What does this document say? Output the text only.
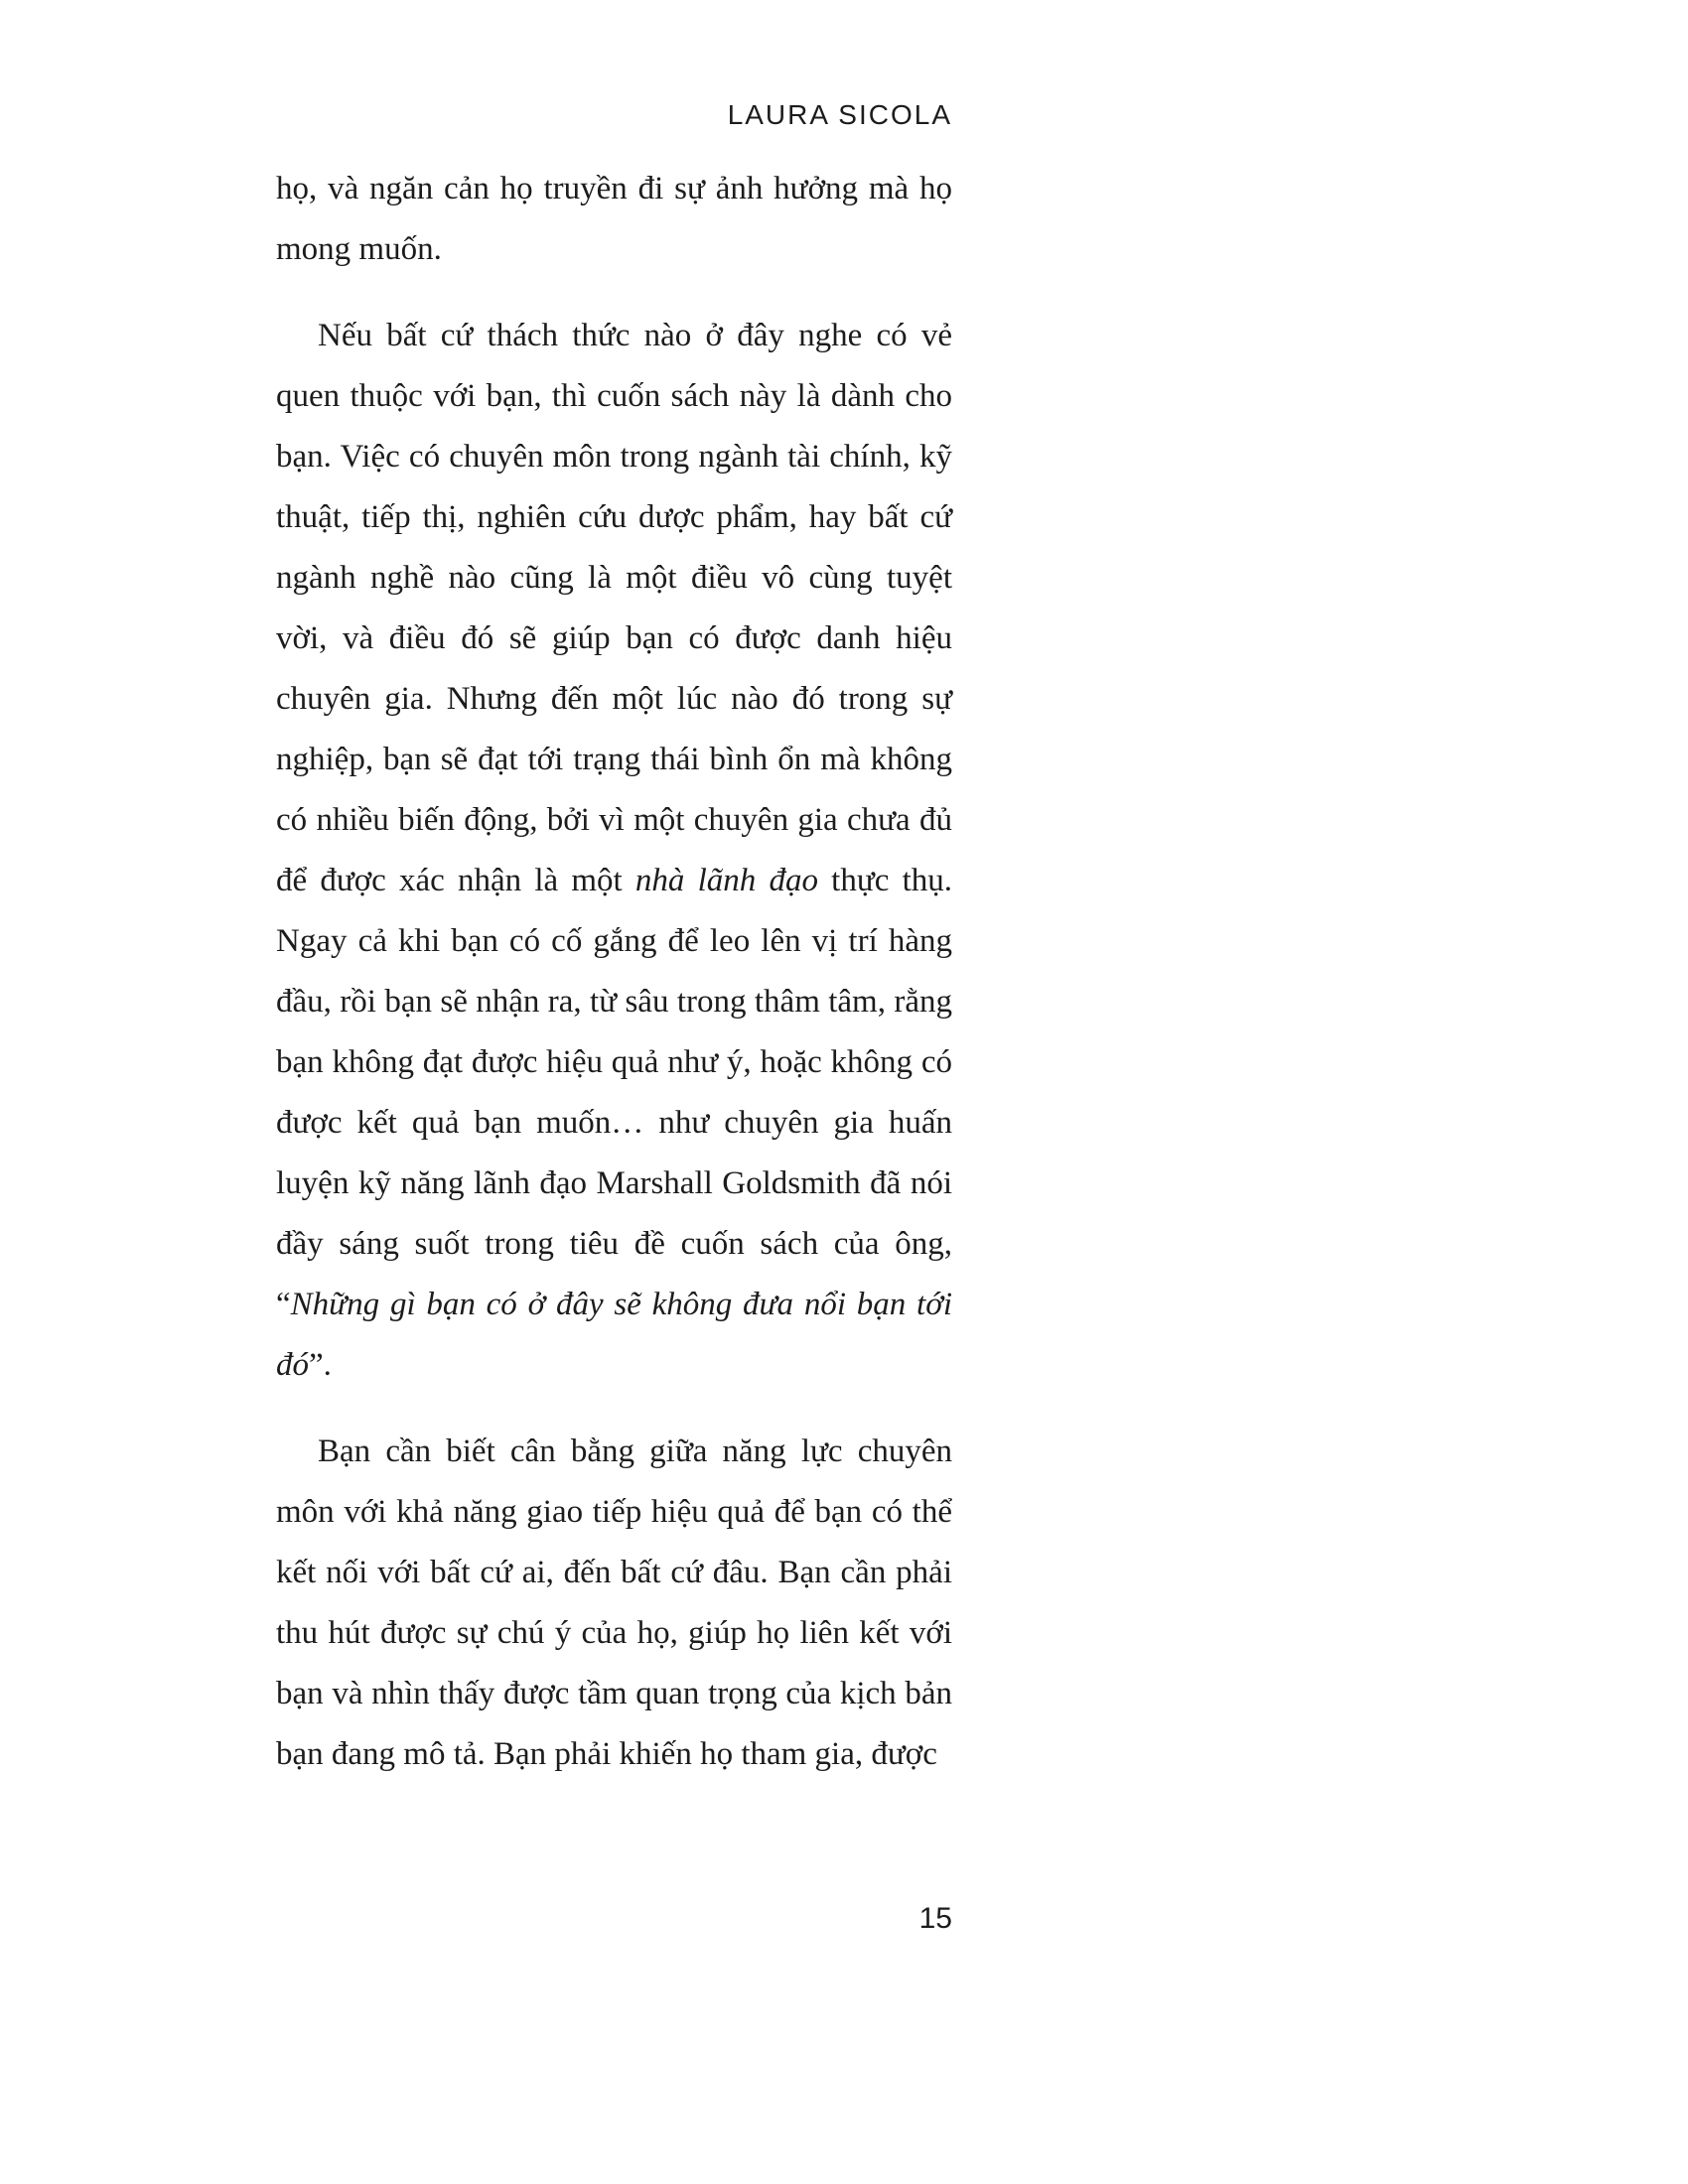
LAURA SICOLA

họ, và ngăn cản họ truyền đi sự ảnh hưởng mà họ mong muốn.

Nếu bất cứ thách thức nào ở đây nghe có vẻ quen thuộc với bạn, thì cuốn sách này là dành cho bạn. Việc có chuyên môn trong ngành tài chính, kỹ thuật, tiếp thị, nghiên cứu dược phẩm, hay bất cứ ngành nghề nào cũng là một điều vô cùng tuyệt vời, và điều đó sẽ giúp bạn có được danh hiệu chuyên gia. Nhưng đến một lúc nào đó trong sự nghiệp, bạn sẽ đạt tới trạng thái bình ổn mà không có nhiều biến động, bởi vì một chuyên gia chưa đủ để được xác nhận là một nhà lãnh đạo thực thụ. Ngay cả khi bạn có cố gắng để leo lên vị trí hàng đầu, rồi bạn sẽ nhận ra, từ sâu trong thâm tâm, rằng bạn không đạt được hiệu quả như ý, hoặc không có được kết quả bạn muốn… như chuyên gia huấn luyện kỹ năng lãnh đạo Marshall Goldsmith đã nói đầy sáng suốt trong tiêu đề cuốn sách của ông, “Những gì bạn có ở đây sẽ không đưa nổi bạn tới đó”.

Bạn cần biết cân bằng giữa năng lực chuyên môn với khả năng giao tiếp hiệu quả để bạn có thể kết nối với bất cứ ai, đến bất cứ đâu. Bạn cần phải thu hút được sự chú ý của họ, giúp họ liên kết với bạn và nhìn thấy được tầm quan trọng của kịch bản bạn đang mô tả. Bạn phải khiến họ tham gia, được

15
